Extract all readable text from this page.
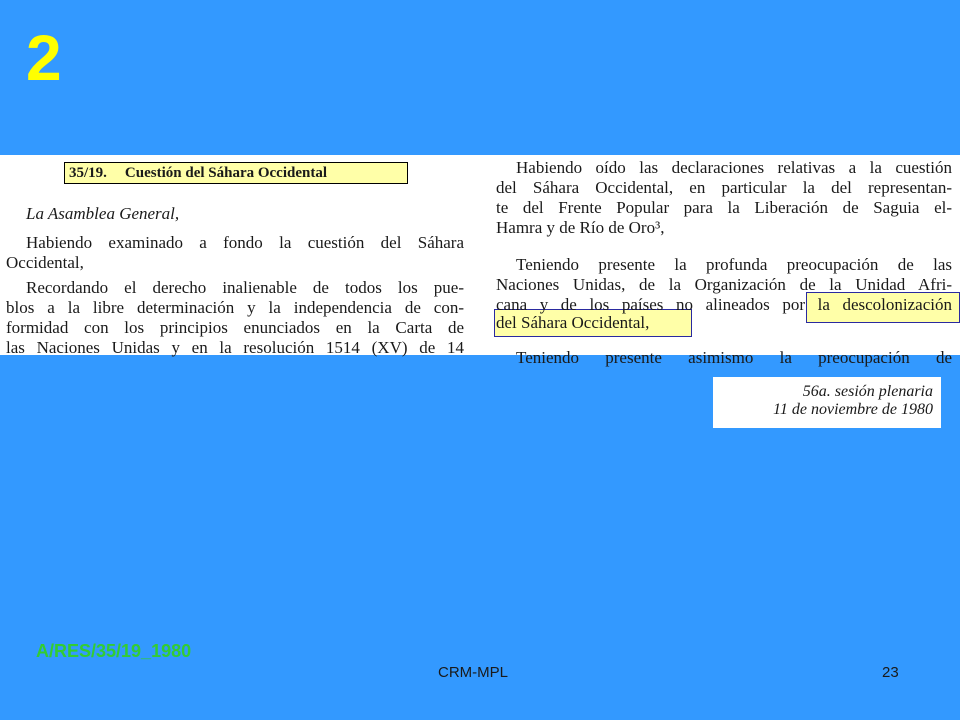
2
35/19. Cuestión del Sáhara Occidental
La Asamblea General,
Habiendo examinado a fondo la cuestión del Sáhara
Occidental,
Recordando el derecho inalienable de todos los pue-
blos a la libre determinación y la independencia de con-
formidad con los principios enunciados en la Carta de
las Naciones Unidas y en la resolución 1514 (XV) de 14
Habiendo oído las declaraciones relativas a la cuestión
del Sáhara Occidental, en particular la del representan-
te del Frente Popular para la Liberación de Saguia el-
Hamra y de Río de Oro³,
Teniendo presente la profunda preocupación de las
Naciones Unidas, de la Organización de la Unidad Afri-
cana y de los países no alineados por la descolonización
del Sáhara Occidental,
Teniendo presente asimismo la preocupación de
56a. sesión plenaria
11 de noviembre de 1980
A/RES/35/19_1980
CRM-MPL	23
